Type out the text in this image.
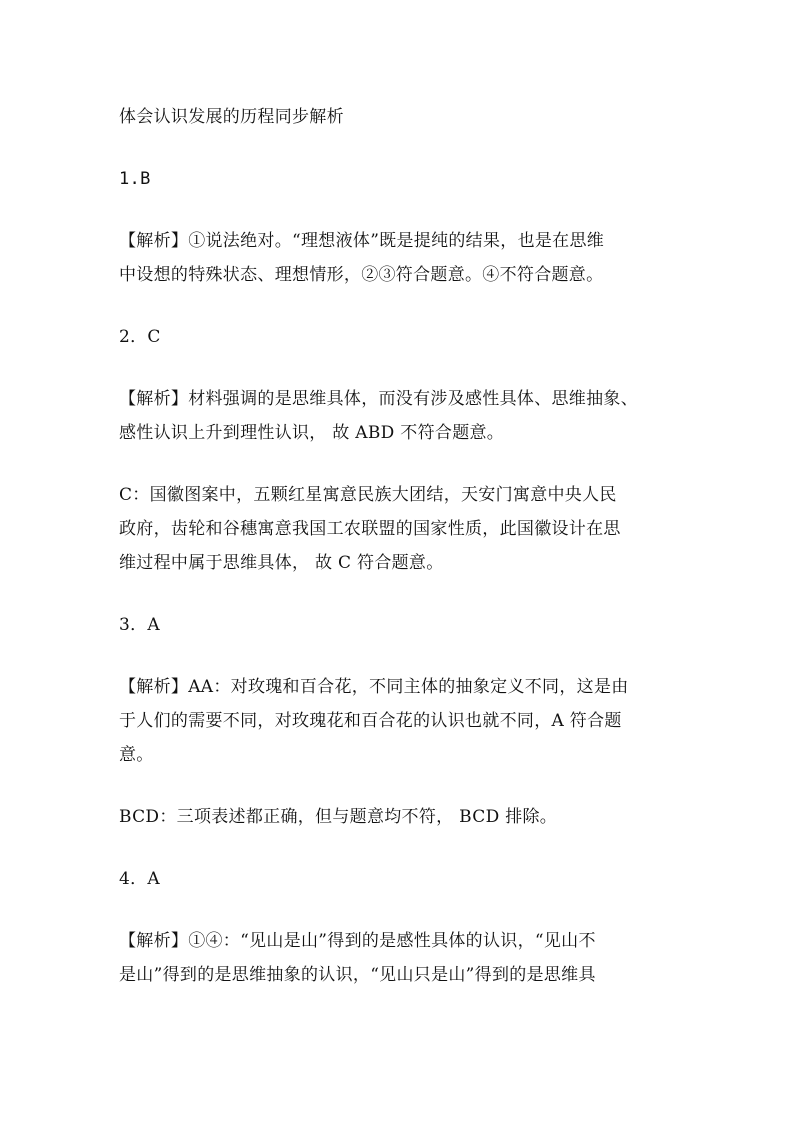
体会认识发展的历程同步解析
1.B
【解析】①说法绝对。“理想液体”既是提纯的结果，也是在思维
中设想的特殊状态、理想情形，②③符合题意。④不符合题意。
2．C
【解析】材料强调的是思维具体，而没有涉及感性具体、思维抽象、
感性认识上升到理性认识， 故 ABD 不符合题意。
C：国徽图案中，五颗红星寓意民族大团结，天安门寓意中央人民
政府，齿轮和谷穗寓意我国工农联盟的国家性质，此国徽设计在思
维过程中属于思维具体， 故 C 符合题意。
3．A
【解析】AA：对玫瑰和百合花，不同主体的抽象定义不同，这是由
于人们的需要不同，对玫瑰花和百合花的认识也就不同，A 符合题
意。
BCD：三项表述都正确，但与题意均不符， BCD 排除。
4．A
【解析】①④：“见山是山”得到的是感性具体的认识，“见山不
是山”得到的是思维抽象的认识，“见山只是山”得到的是思维具
